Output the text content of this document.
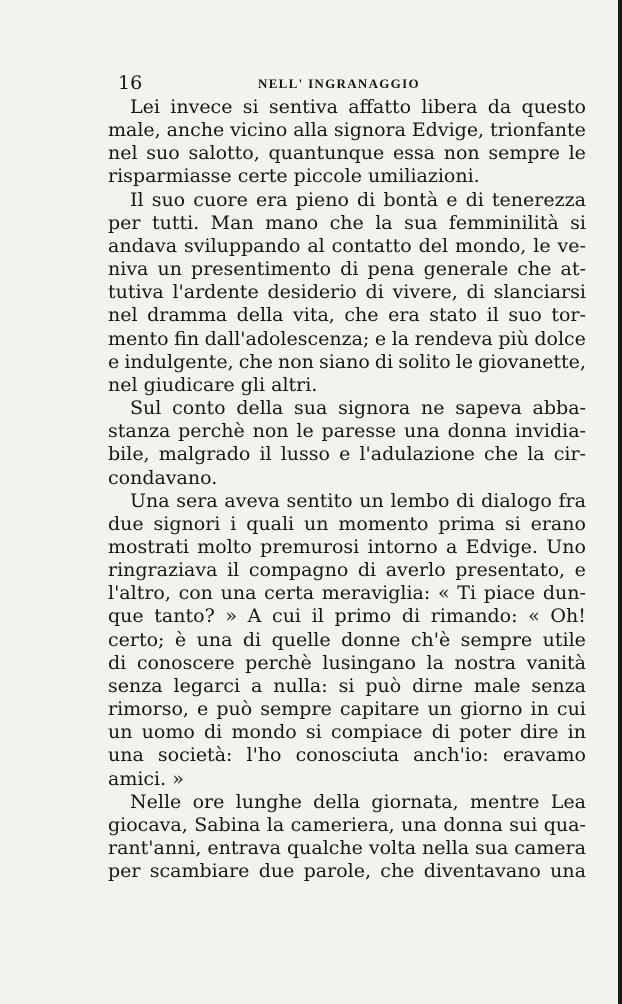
16	NELL' INGRANAGGIO
Lei invece si sentiva affatto libera da questo
male, anche vicino alla signora Edvige, trionfante
nel suo salotto, quantunque essa non sempre le
risparmiasse certe piccole umiliazioni.
Il suo cuore era pieno di bontà e di tenerezza
per tutti. Man mano che la sua femminilità si
andava sviluppando al contatto del mondo, le ve-
niva un presentimento di pena generale che at-
tutiva l'ardente desiderio di vivere, di slanciarsi
nel dramma della vita, che era stato il suo tor-
mento fin dall'adolescenza; e la rendeva più dolce
e indulgente, che non siano di solito le giovanette,
nel giudicare gli altri.
Sul conto della sua signora ne sapeva abba-
stanza perchè non le paresse una donna invidia-
bile, malgrado il lusso e l'adulazione che la cir-
condavano.
Una sera aveva sentito un lembo di dialogo fra
due signori i quali un momento prima si erano
mostrati molto premurosi intorno a Edvige. Uno
ringraziava il compagno di averlo presentato, e
l'altro, con una certa meraviglia: « Ti piace dun-
que tanto? » A cui il primo di rimando: « Oh!
certo; è una di quelle donne ch'è sempre utile
di conoscere perchè lusingano la nostra vanità
senza legarci a nulla: si può dirne male senza
rimorso, e può sempre capitare un giorno in cui
un uomo di mondo si compiace di poter dire in
una società: l'ho conosciuta anch'io: eravamo
amici. »
Nelle ore lunghe della giornata, mentre Lea
giocava, Sabina la cameriera, una donna sui qua-
rant'anni, entrava qualche volta nella sua camera
per scambiare due parole, che diventavano una
